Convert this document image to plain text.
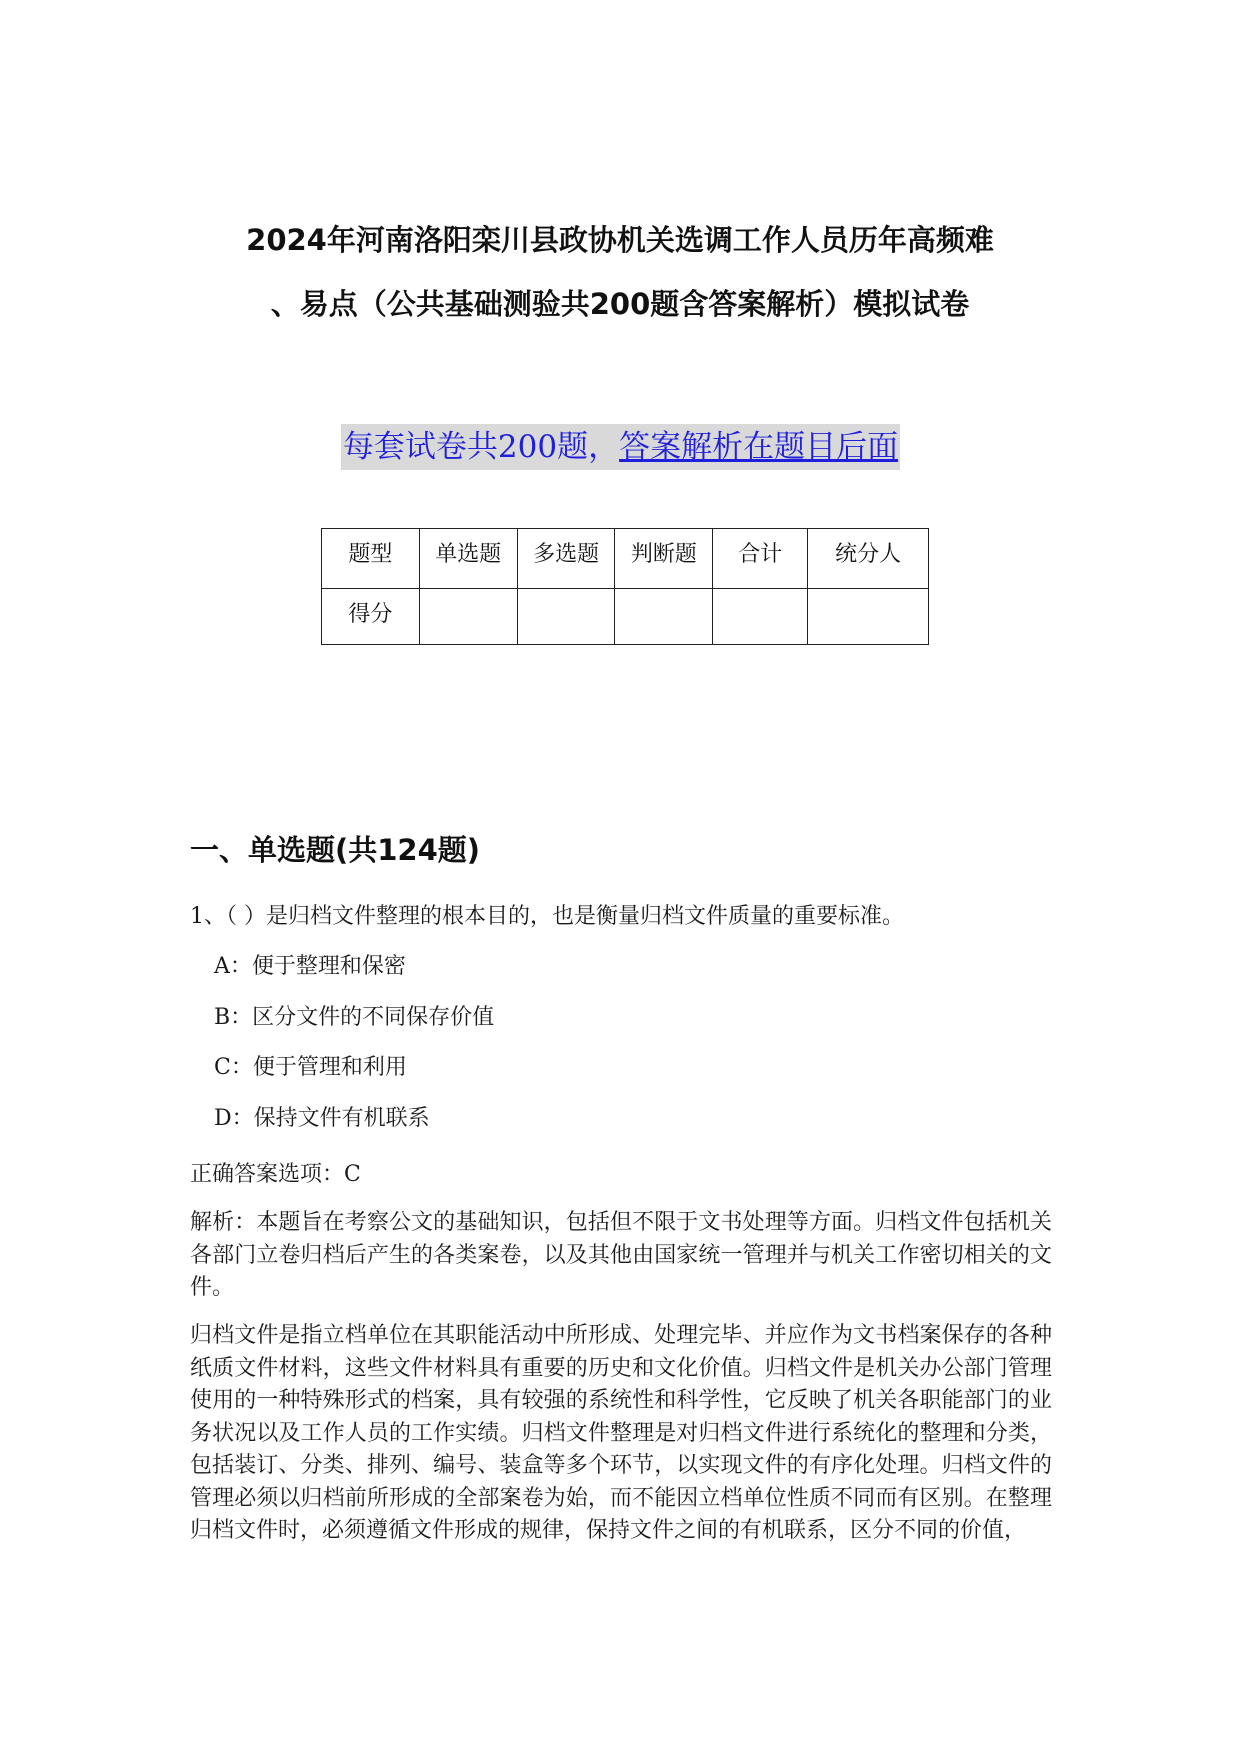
2024年河南洛阳栾川县政协机关选调工作人员历年高频难
、易点（公共基础测验共200题含答案解析）模拟试卷
每套试卷共200题，答案解析在题目后面
题型	单选题	多选题	判断题	合计	统分人
得分					
一、单选题(共124题)
1、（ ）是归档文件整理的根本目的，也是衡量归档文件质量的重要标准。
A：便于整理和保密
B：区分文件的不同保存价值
C：便于管理和利用
D：保持文件有机联系
正确答案选项：C
解析：本题旨在考察公文的基础知识，包括但不限于文书处理等方面。归档文件包括机关各部门立卷归档后产生的各类案卷，以及其他由国家统一管理并与机关工作密切相关的文件。
归档文件是指立档单位在其职能活动中所形成、处理完毕、并应作为文书档案保存的各种纸质文件材料，这些文件材料具有重要的历史和文化价值。归档文件是机关办公部门管理使用的一种特殊形式的档案，具有较强的系统性和科学性，它反映了机关各职能部门的业务状况以及工作人员的工作实绩。归档文件整理是对归档文件进行系统化的整理和分类，包括装订、分类、排列、编号、装盒等多个环节，以实现文件的有序化处理。归档文件的管理必须以归档前所形成的全部案卷为始，而不能因立档单位性质不同而有区别。在整理归档文件时，必须遵循文件形成的规律，保持文件之间的有机联系，区分不同的价值，
